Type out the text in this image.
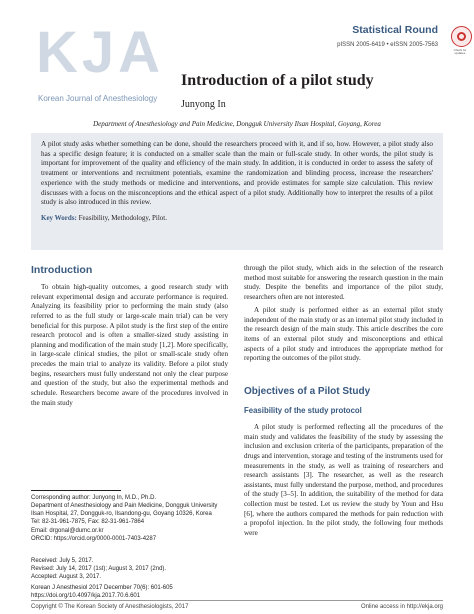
KJA
Korean Journal of Anesthesiology
Statistical Round
pISSN 2005-6419 • eISSN 2005-7563
Check for updates
Introduction of a pilot study
Junyong In
Department of Anesthesiology and Pain Medicine, Dongguk University Ilsan Hospital, Goyang, Korea

A pilot study asks whether something can be done, should the researchers proceed with it, and if so, how. However, a pilot study also has a specific design feature; it is conducted on a smaller scale than the main or full-scale study. In other words, the pilot study is important for improvement of the quality and efficiency of the main study. In addition, it is conducted in order to assess the safety of treatment or interventions and recruitment potentials, examine the randomization and blinding process, increase the researchers' experience with the study methods or medicine and interventions, and provide estimates for sample size calculation. This review discusses with a focus on the misconceptions and the ethical aspect of a pilot study. Additionally how to interpret the results of a pilot study is also introduced in this review.

Key Words: Feasibility, Methodology, Pilot.

Introduction

To obtain high-quality outcomes, a good research study with relevant experimental design and accurate performance is required. Analyzing its feasibility prior to performing the main study (also referred to as the full study or large-scale main trial) can be very beneficial for this purpose. A pilot study is the first step of the entire research protocol and is often a smaller-sized study assisting in planning and modification of the main study [1,2]. More specifically, in large-scale clinical studies, the pilot or small-scale study often precedes the main trial to analyze its validity. Before a pilot study begins, researchers must fully understand not only the clear purpose and question of the study, but also the experimental methods and schedule. Researchers become aware of the procedures involved in the main study

through the pilot study, which aids in the selection of the research method most suitable for answering the research question in the main study. Despite the benefits and importance of the pilot study, researchers often are not interested.

A pilot study is performed either as an external pilot study independent of the main study or as an internal pilot study included in the research design of the main study. This article describes the core items of an external pilot study and misconceptions and ethical aspects of a pilot study and introduces the appropriate method for reporting the outcomes of the pilot study.

Objectives of a Pilot Study
Feasibility of the study protocol

A pilot study is performed reflecting all the procedures of the main study and validates the feasibility of the study by assessing the inclusion and exclusion criteria of the participants, preparation of the drugs and intervention, storage and testing of the instruments used for measurements in the study, as well as training of researchers and research assistants [3]. The researcher, as well as the research assistants, must fully understand the purpose, method, and procedures of the study [3–5]. In addition, the suitability of the method for data collection must be tested. Let us review the study by Youn and Hsu [6], where the authors compared the methods for pain reduction with a propofol injection. In the pilot study, the following four methods were

Corresponding author: Junyong In, M.D., Ph.D.
Department of Anesthesiology and Pain Medicine, Dongguk University Ilsan Hospital, 27, Dongguk-ro, Ilsandong-gu, Goyang 10326, Korea
Tel: 82-31-961-7875, Fax: 82-31-961-7864
Email: drgonal@dumc.or.kr
ORCID: https://orcid.org/0000-0001-7403-4287
Received: July 5, 2017.
Revised: July 14, 2017 (1st); August 3, 2017 (2nd).
Accepted: August 3, 2017.
Korean J Anesthesiol 2017 December 70(6): 601-605
https://doi.org/10.4097/kja.2017.70.6.601
Copyright © The Korean Society of Anesthesiologists, 2017	Online access in http://ekja.org
